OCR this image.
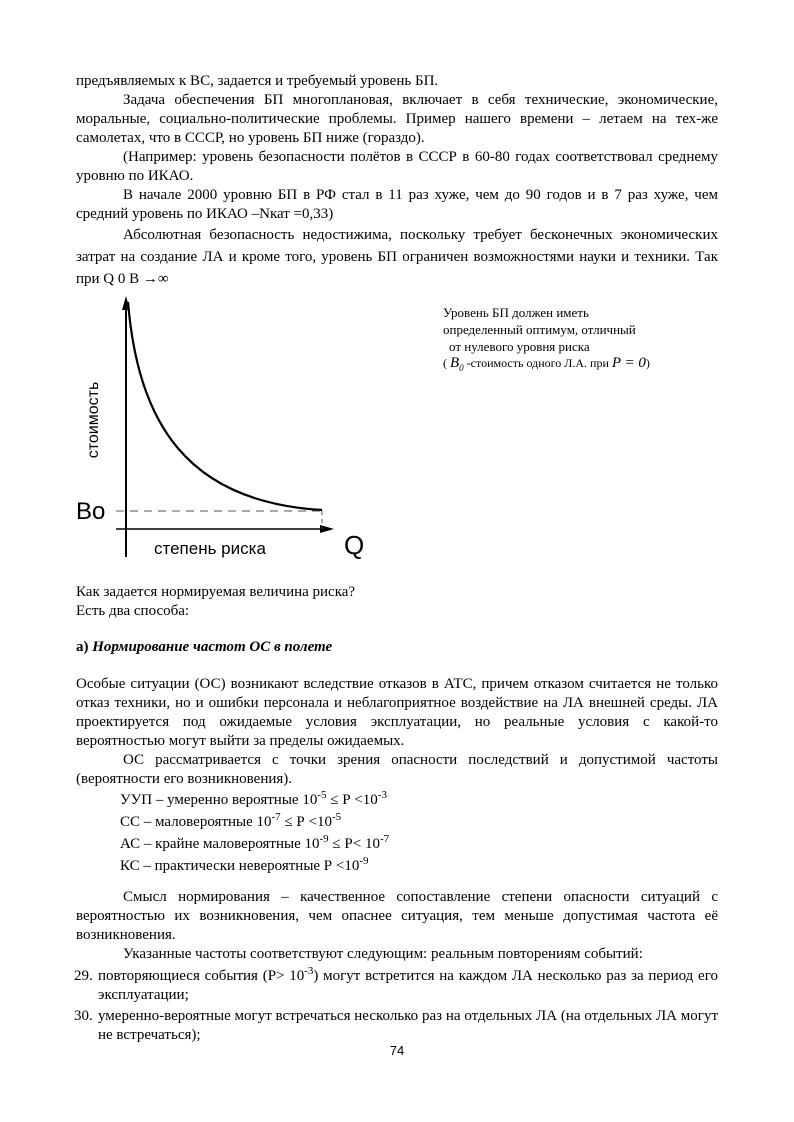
предъявляемых к ВС, задается и требуемый уровень БП.

Задача обеспечения БП многоплановая, включает в себя технические, экономические, моральные, социально-политические проблемы. Пример нашего времени – летаем на тех-же самолетах, что в СССР, но уровень БП ниже (гораздо).

(Например: уровень безопасности полётов в СССР в 60-80 годах соответствовал среднему уровню по ИКАО.

В начале 2000 уровню БП в РФ стал в 11 раз хуже, чем до 90 годов и в 7 раз хуже, чем средний уровень по ИКАО –Nкат =0,33)

Абсолютная безопасность недостижима, поскольку требует бесконечных экономических затрат на создание ЛА и кроме того, уровень БП ограничен возможностями науки и техники. Так при Q 0 B →∞

стоимость
степень риска	Q
Bo
Уровень БП должен иметь
определенный оптимум, отличный
от нулевого уровня риска
( $B_0$ -стоимость одного Л.А. при P = 0)

Как задается нормируемая величина риска?

Есть два способа:

а) Нормирование частот ОС в полете

Особые ситуации (ОС) возникают вследствие отказов в АТС, причем отказом считается не только отказ техники, но и ошибки персонала и неблагоприятное воздействие на ЛА внешней среды. ЛА проектируется под ожидаемые условия эксплуатации, но реальные условия с какой-то вероятностью могут выйти за пределы ожидаемых.

ОС рассматривается с точки зрения опасности последствий и допустимой частоты (вероятности его возникновения).

УУП – умеренно вероятные $10^{-5} \le Р <10^{-3}$
СС – маловероятные $10^{-7} \le Р <10^{-5}$
АС – крайне маловероятные $10^{-9} \le Р< 10^{-7}$
КС – практически невероятные $Р <10^{-9}$

Смысл нормирования – качественное сопоставление степени опасности ситуаций с вероятностью их возникновения, чем опаснее ситуация, тем меньше допустимая частота её возникновения.

Указанные частоты соответствуют следующим: реальным повторениям событий:

29. повторяющиеся события $(Р> 10^{-3})$ могут встретится на каждом ЛА несколько раз за период его эксплуатации;
30. умеренно-вероятные могут встречаться несколько раз на отдельных ЛА (на отдельных ЛА могут не встречаться);
74
